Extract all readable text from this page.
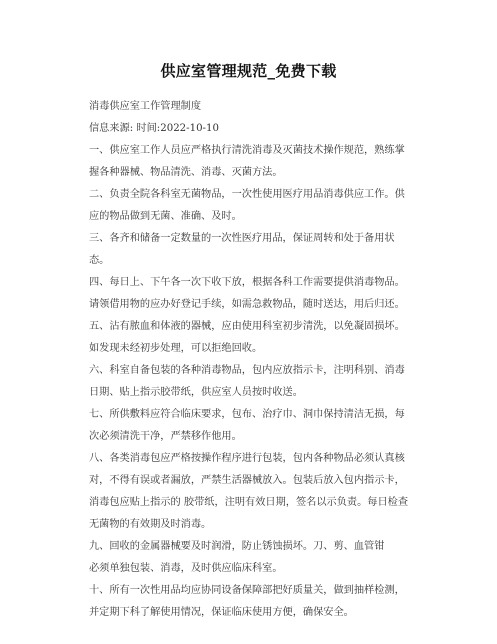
供应室管理规范_免费下载

消毒供应室工作管理制度

信息来源: 时间:2022-10-10

一、供应室工作人员应严格执行清洗消毒及灭菌技术操作规范，熟练掌握各种器械、物品清洗、消毒、灭菌方法。

二、负责全院各科室无菌物品，一次性使用医疗用品消毒供应工作。供应的物品做到无菌、准确、及时。

三、各齐和储备一定数量的一次性医疗用品，保证周转和处于备用状态。

四、每日上、下午各一次下收下放，根据各科工作需要提供消毒物品。请领借用物的应办好登记手续，如需急救物品，随时送达，用后归还。

五、沾有脓血和体液的器械，应由使用科室初步清洗，以免凝固损坏。如发现未经初步处理，可以拒绝回收。

六、科室自备包装的各种消毒物品，包内应放指示卡，注明科别、消毒日期、贴上指示胶带纸，供应室人员按时收送。

七、所供敷料应符合临床要求，包布、治疗巾、洞巾保持清洁无损，每次必须清洗干净，严禁移作他用。

八、各类消毒包应严格按操作程序进行包装，包内各种物品必须认真核对，不得有误或者漏放，严禁生活器械放入。包装后放入包内指示卡，消毒包应贴上指示的 胶带纸，注明有效日期，签名以示负责。每日检查无菌物的有效期及时消毒。

九、回收的金属器械要及时润滑，防止锈蚀损坏。刀、剪、血管钳

必须单独包装、消毒，及时供应临床科室。

十、所有一次性用品均应协同设备保障部把好质量关，做到抽样检测，并定期下科了解使用情况，保证临床使用方便，确保安全。
